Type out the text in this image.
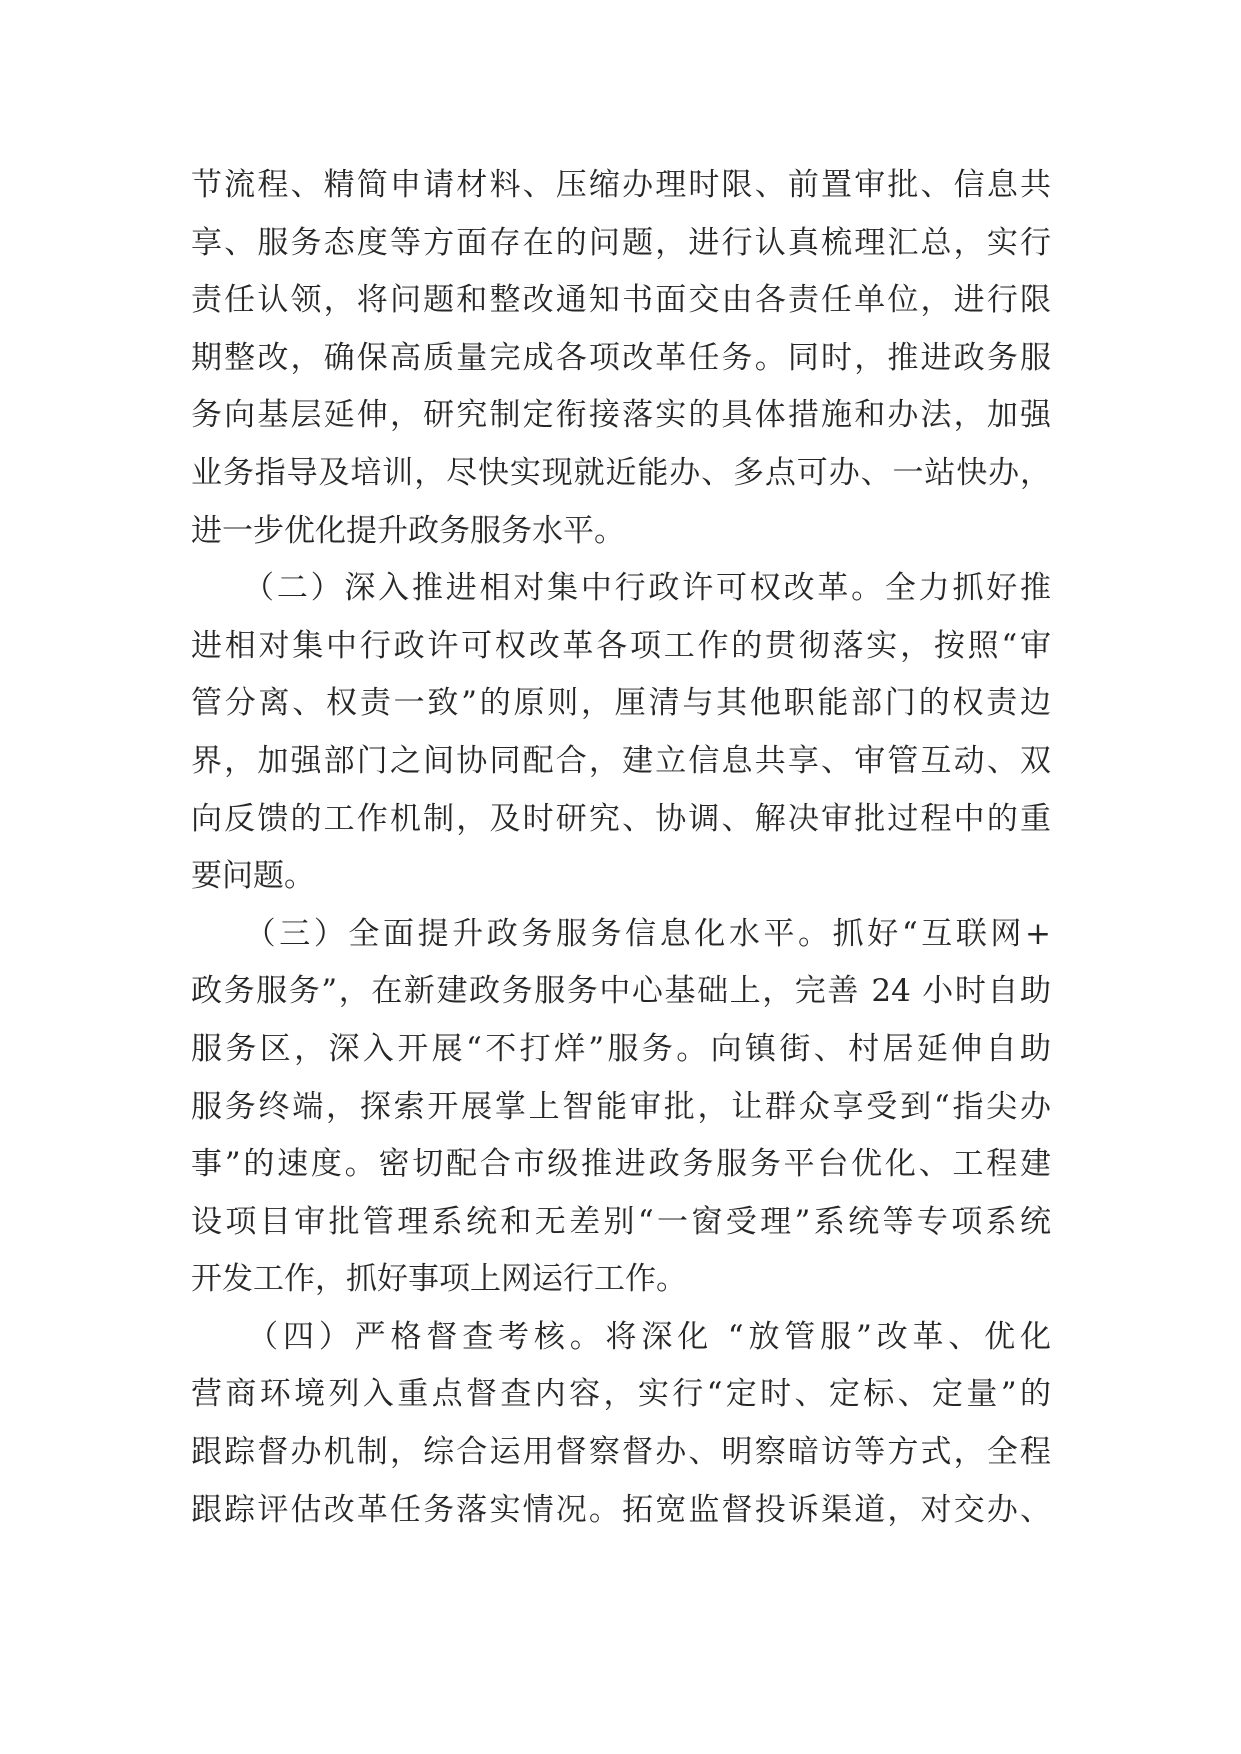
节流程、精简申请材料、压缩办理时限、前置审批、信息共
享、服务态度等方面存在的问题，进行认真梳理汇总，实行
责任认领，将问题和整改通知书面交由各责任单位，进行限
期整改，确保高质量完成各项改革任务。同时，推进政务服
务向基层延伸，研究制定衔接落实的具体措施和办法，加强
业务指导及培训，尽快实现就近能办、多点可办、一站快办，
进一步优化提升政务服务水平。
　　（二）深入推进相对集中行政许可权改革。全力抓好推
进相对集中行政许可权改革各项工作的贯彻落实，按照“审
管分离、权责一致”的原则，厘清与其他职能部门的权责边
界，加强部门之间协同配合，建立信息共享、审管互动、双
向反馈的工作机制，及时研究、协调、解决审批过程中的重
要问题。
　　（三）全面提升政务服务信息化水平。抓好“互联网+
政务服务”，在新建政务服务中心基础上，完善 24 小时自助
服务区，深入开展“不打烊”服务。向镇街、村居延伸自助
服务终端，探索开展掌上智能审批，让群众享受到“指尖办
事”的速度。密切配合市级推进政务服务平台优化、工程建
设项目审批管理系统和无差别“一窗受理”系统等专项系统
开发工作，抓好事项上网运行工作。
　　（四）严格督查考核。将深化 “放管服”改革、优化
营商环境列入重点督查内容，实行“定时、定标、定量”的
跟踪督办机制，综合运用督察督办、明察暗访等方式，全程
跟踪评估改革任务落实情况。拓宽监督投诉渠道，对交办、
